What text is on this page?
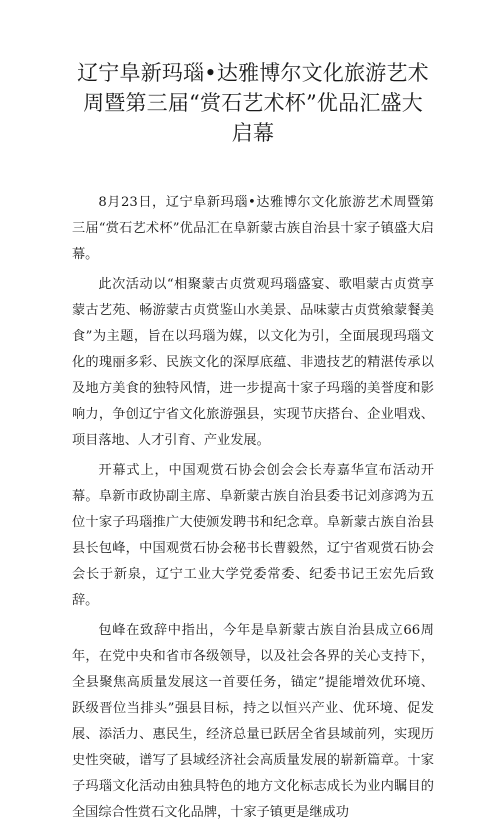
辽宁阜新玛瑙•达雅博尔文化旅游艺术周暨第三届“赏石艺术杯”优品汇盛大启幕

8月23日，辽宁阜新玛瑙•达雅博尔文化旅游艺术周暨第三届“赏石艺术杯”优品汇在阜新蒙古族自治县十家子镇盛大启幕。

此次活动以“相聚蒙古贞赏观玛瑙盛宴、歌唱蒙古贞赏享蒙古艺苑、畅游蒙古贞赏鉴山水美景、品味蒙古贞赏飨蒙餐美食”为主题，旨在以玛瑙为媒，以文化为引，全面展现玛瑙文化的瑰丽多彩、民族文化的深厚底蕴、非遗技艺的精湛传承以及地方美食的独特风情，进一步提高十家子玛瑙的美誉度和影响力，争创辽宁省文化旅游强县，实现节庆搭台、企业唱戏、项目落地、人才引育、产业发展。

开幕式上，中国观赏石协会创会会长寿嘉华宣布活动开幕。阜新市政协副主席、阜新蒙古族自治县委书记刘彦鸿为五位十家子玛瑙推广大使颁发聘书和纪念章。阜新蒙古族自治县县长包峰，中国观赏石协会秘书长曹毅然，辽宁省观赏石协会会长于新泉，辽宁工业大学党委常委、纪委书记王宏先后致辞。

包峰在致辞中指出，今年是阜新蒙古族自治县成立66周年，在党中央和省市各级领导，以及社会各界的关心支持下，全县聚焦高质量发展这一首要任务，锚定”提能增效优环境、跃级晋位当排头”强县目标，持之以恒兴产业、优环境、促发展、添活力、惠民生，经济总量已跃居全省县域前列，实现历史性突破，谱写了县域经济社会高质量发展的崭新篇章。十家子玛瑙文化活动由独具特色的地方文化标志成长为业内瞩目的全国综合性赏石文化品牌，十家子镇更是继成功
